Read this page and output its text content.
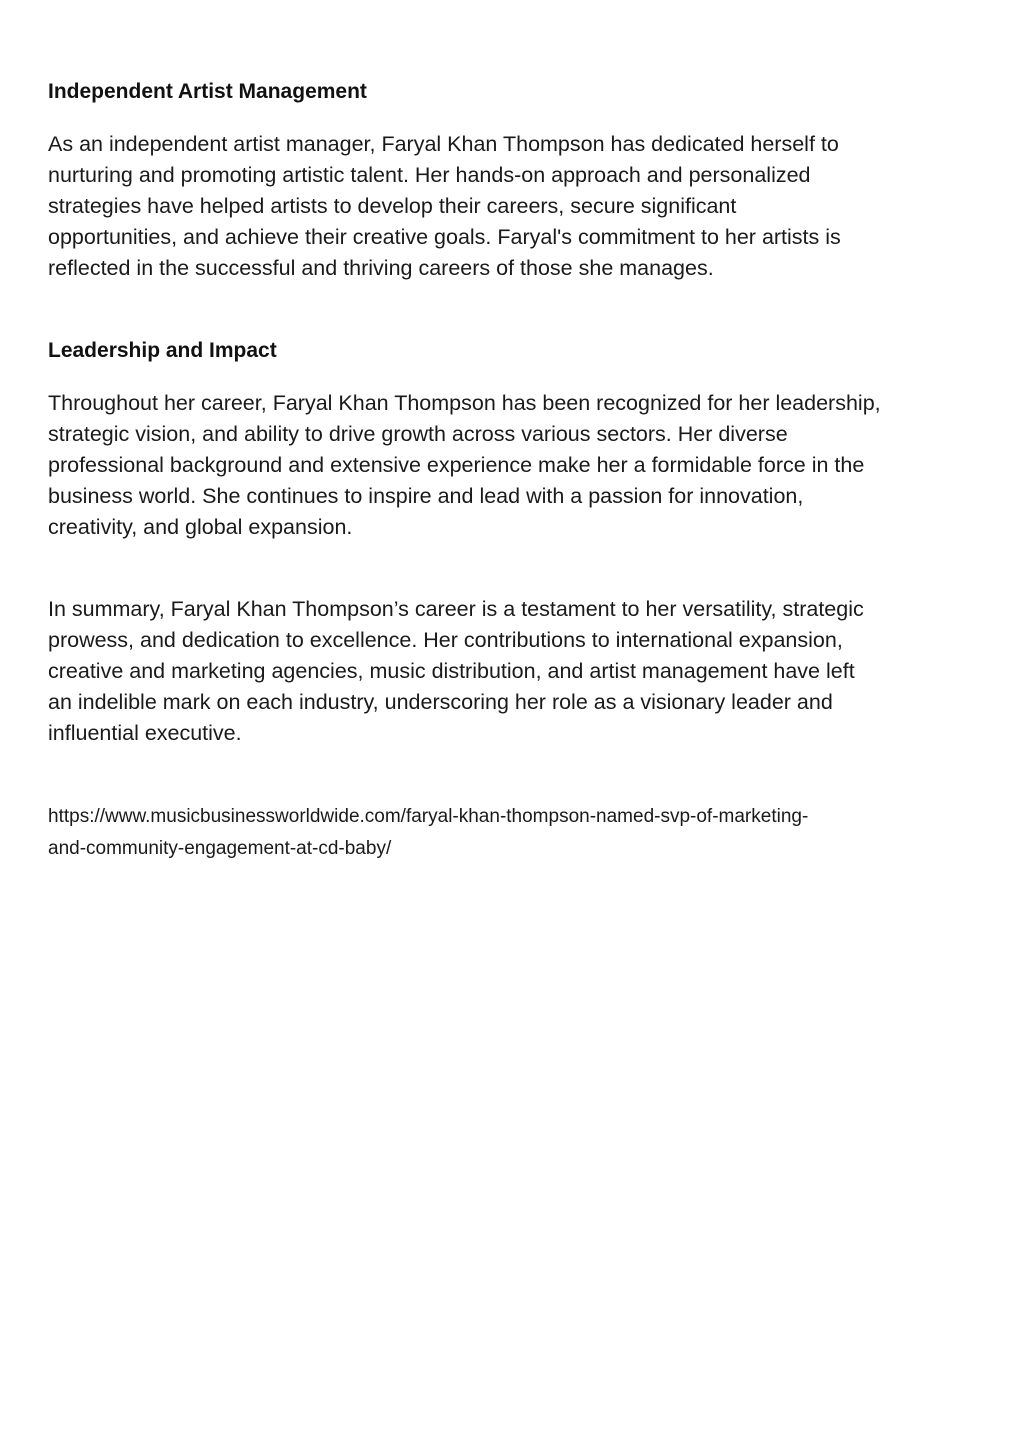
Independent Artist Management

As an independent artist manager, Faryal Khan Thompson has dedicated herself to
nurturing and promoting artistic talent. Her hands-on approach and personalized
strategies have helped artists to develop their careers, secure significant
opportunities, and achieve their creative goals. Faryal's commitment to her artists is
reflected in the successful and thriving careers of those she manages.

Leadership and Impact

Throughout her career, Faryal Khan Thompson has been recognized for her leadership,
strategic vision, and ability to drive growth across various sectors. Her diverse
professional background and extensive experience make her a formidable force in the
business world. She continues to inspire and lead with a passion for innovation,
creativity, and global expansion.

In summary, Faryal Khan Thompson’s career is a testament to her versatility, strategic
prowess, and dedication to excellence. Her contributions to international expansion,
creative and marketing agencies, music distribution, and artist management have left
an indelible mark on each industry, underscoring her role as a visionary leader and
influential executive.

https://www.musicbusinessworldwide.com/faryal-khan-thompson-named-svp-of-marketing-
and-community-engagement-at-cd-baby/
